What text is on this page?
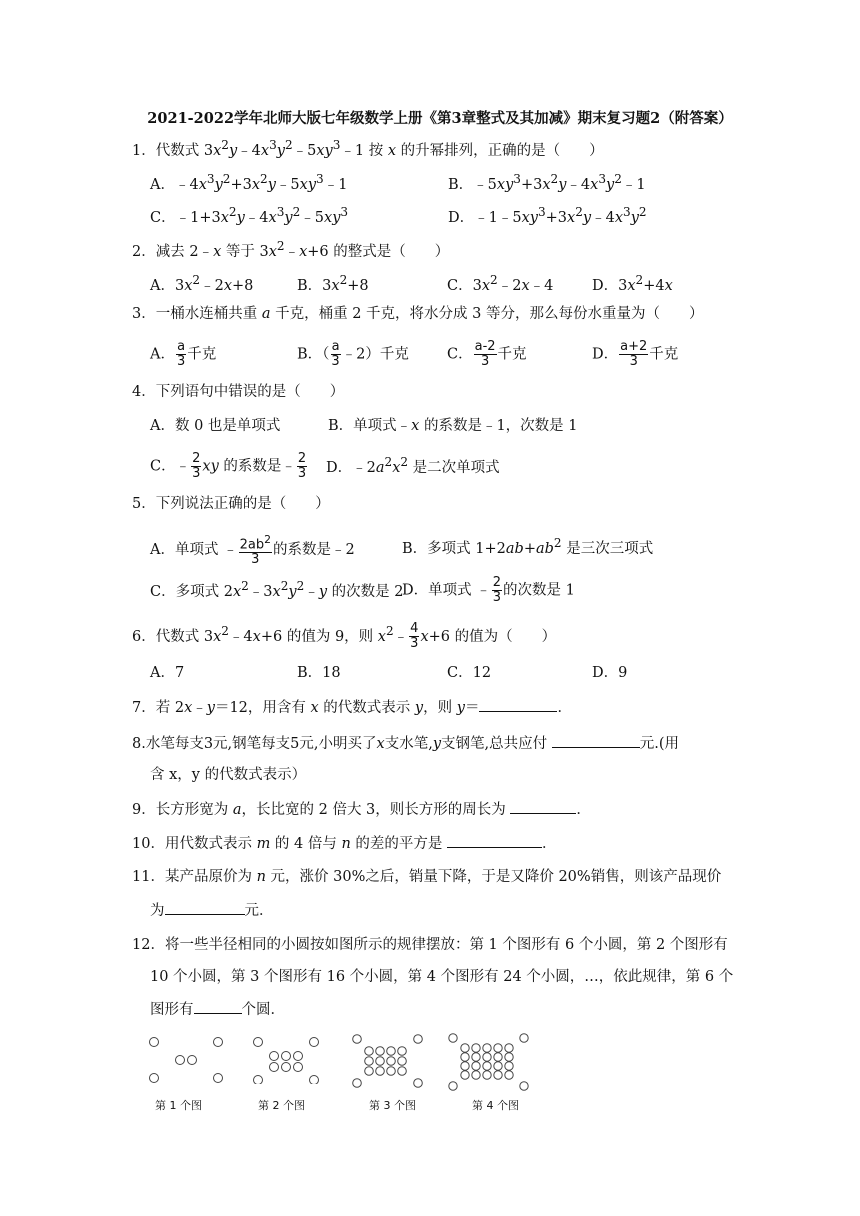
2021-2022学年北师大版七年级数学上册《第3章整式及其加减》期末复习题2（附答案）
1．代数式 $3x^2y﹣4x^3y^2﹣5xy^3﹣1$ 按 x 的升幂排列，正确的是（　　）
A．$﹣4x^3y^2+3x^2y﹣5xy^3﹣1$	B．$﹣5xy^3+3x^2y﹣4x^3y^2﹣1$
C．$﹣1+3x^2y﹣4x^3y^2﹣5xy^3$	D．$﹣1﹣5xy^3+3x^2y﹣4x^3y^2$
2．减去 2﹣x 等于 $3x^2﹣x+6$ 的整式是（　　）
A．$3x^2﹣2x+8$	B．$3x^2+8$	C．$3x^2﹣2x﹣4$	D．$3x^2+4x$
3．一桶水连桶共重 a 千克，桶重 2 千克，将水分成 3 等分，那么每份水重量为（　　）
A． $\frac{a}{3}$ 千克	B．（ $\frac{a}{3}$ ﹣2）千克	C． $\frac{a-2}{3}$ 千克	D． $\frac{a+2}{3}$ 千克
4．下列语句中错误的是（　　）
A．数 0 也是单项式	B．单项式﹣x 的系数是﹣1，次数是 1
C．﹣ $\frac{2}{3}$ xy 的系数是﹣ $\frac{2}{3}$ D．$﹣2a^2x^2$ 是二次单项式
5．下列说法正确的是（　　）
A．单项式 ﹣ $\frac{2ab^2}{3}$ 的系数是﹣2	B．多项式 $1+2ab+ab^2$ 是三次三项式
C．多项式 $2x^2﹣3x^2y^2﹣y$ 的次数是 2
D．单项式 ﹣ $\frac{2}{3}$ 的次数是 1
6．代数式 $3x^2﹣4x+6$ 的值为 9，则 $x^2﹣ \frac{4}{3} x+6$ 的值为（　　）
A．7	B．18	C．12	D．9
7．若 2x﹣y＝12，用含有 x 的代数式表示 y，则 y＝	．
8.水笔每支3元,钢笔每支5元,小明买了x支水笔,y支钢笔,总共应付	元.(用
含 x，y 的代数式表示）
9．长方形宽为 a，长比宽的 2 倍大 3，则长方形的周长为	．
10．用代数式表示 m 的 4 倍与 n 的差的平方是	．
11．某产品原价为 n 元，涨价 30%之后，销量下降，于是又降价 20%销售，则该产品现价
为	元．
12．将一些半径相同的小圆按如图所示的规律摆放：第 1 个图形有 6 个小圆，第 2 个图形有
10 个小圆，第 3 个图形有 16 个小圆，第 4 个图形有 24 个小圆，…，依此规律，第 6 个
图形有	个圆．
第 1 个图	第 2 个图	第 3 个图	第 4 个图
